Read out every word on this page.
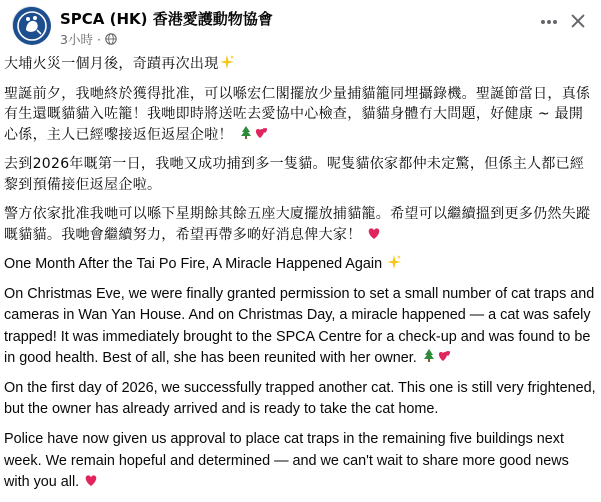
SPCA (HK) 香港愛護動物協會
3小時 ·

大埔火災一個月後，奇蹟再次出現

聖誕前夕，我哋終於獲得批准，可以喺宏仁閣擺放少量捕貓籠同埋攝錄機。聖誕節當日，真係有生還嘅貓貓入咗籠！我哋即時將送咗去愛協中心檢查，貓貓身體冇大問題，好健康 ~ 最開心係，主人已經嚟接返佢返屋企啦！

去到2026年嘅第一日，我哋又成功捕到多一隻貓。呢隻貓依家都仲未定驚，但係主人都已經黎到預備接佢返屋企啦。

警方依家批准我哋可以喺下星期餘其餘五座大廈擺放捕貓籠。希望可以繼續搵到更多仍然失蹤嘅貓貓。我哋會繼續努力，希望再帶多啲好消息俾大家！

One Month After the Tai Po Fire, A Miracle Happened Again

On Christmas Eve, we were finally granted permission to set a small number of cat traps and cameras in Wan Yan House. And on Christmas Day, a miracle happened — a cat was safely trapped! It was immediately brought to the SPCA Centre for a check-up and was found to be in good health. Best of all, she has been reunited with her owner.

On the first day of 2026, we successfully trapped another cat. This one is still very frightened, but the owner has already arrived and is ready to take the cat home.

Police have now given us approval to place cat traps in the remaining five buildings next week. We remain hopeful and determined — and we can't wait to share more good news with you all.
